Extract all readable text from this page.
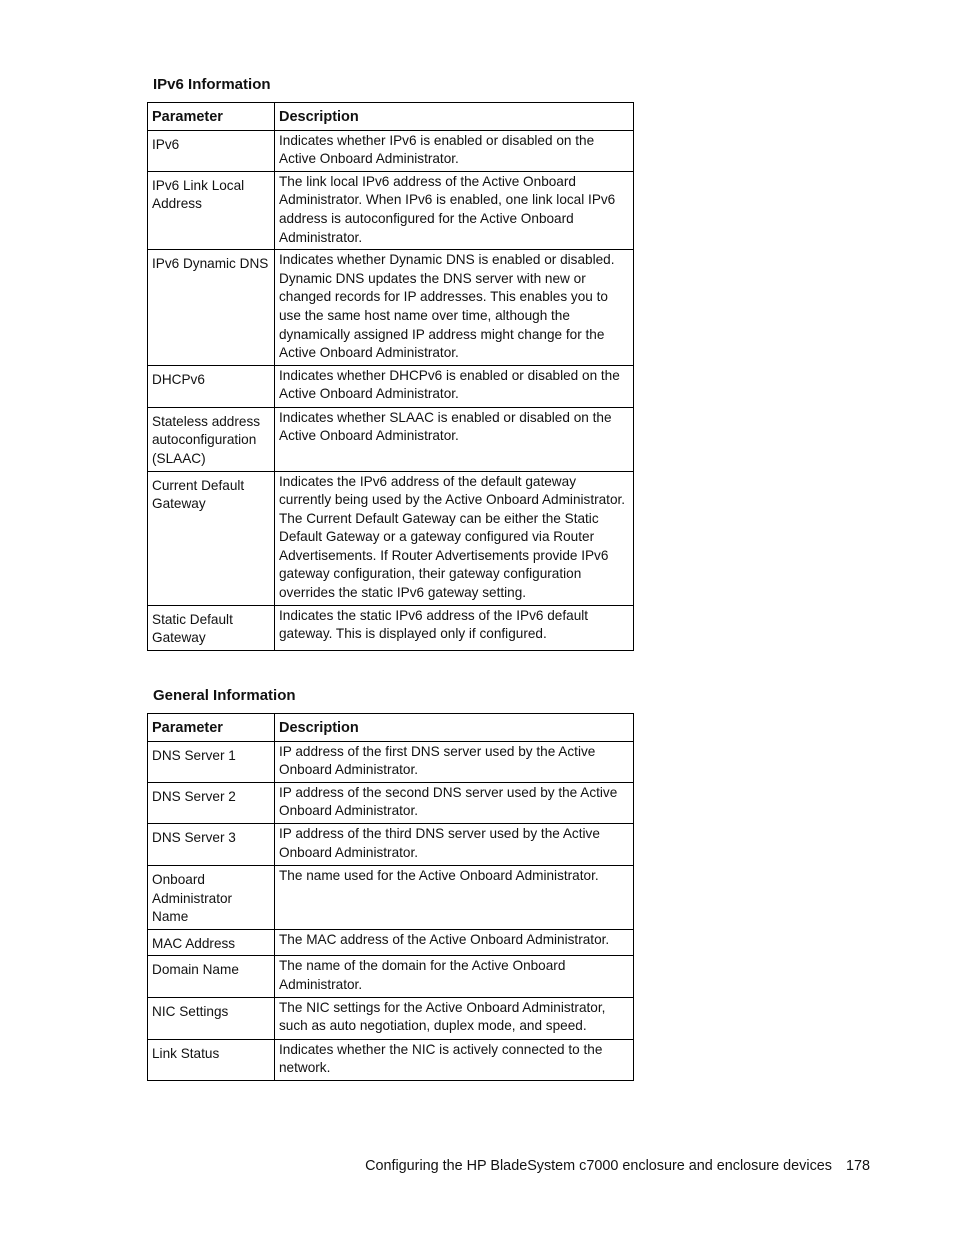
IPv6 Information
Parameter	Description
IPv6	Indicates whether IPv6 is enabled or disabled on the Active Onboard Administrator.
IPv6 Link Local Address	The link local IPv6 address of the Active Onboard Administrator. When IPv6 is enabled, one link local IPv6 address is autoconfigured for the Active Onboard Administrator.
IPv6 Dynamic DNS	Indicates whether Dynamic DNS is enabled or disabled. Dynamic DNS updates the DNS server with new or changed records for IP addresses. This enables you to use the same host name over time, although the dynamically assigned IP address might change for the Active Onboard Administrator.
DHCPv6	Indicates whether DHCPv6 is enabled or disabled on the Active Onboard Administrator.
Stateless address autoconfiguration (SLAAC)	Indicates whether SLAAC is enabled or disabled on the Active Onboard Administrator.
Current Default Gateway	Indicates the IPv6 address of the default gateway currently being used by the Active Onboard Administrator. The Current Default Gateway can be either the Static Default Gateway or a gateway configured via Router Advertisements. If Router Advertisements provide IPv6 gateway configuration, their gateway configuration overrides the static IPv6 gateway setting.
Static Default Gateway	Indicates the static IPv6 address of the IPv6 default gateway. This is displayed only if configured.
General Information
Parameter	Description
DNS Server 1	IP address of the first DNS server used by the Active Onboard Administrator.
DNS Server 2	IP address of the second DNS server used by the Active Onboard Administrator.
DNS Server 3	IP address of the third DNS server used by the Active Onboard Administrator.
Onboard Administrator Name	The name used for the Active Onboard Administrator.
MAC Address	The MAC address of the Active Onboard Administrator.
Domain Name	The name of the domain for the Active Onboard Administrator.
NIC Settings	The NIC settings for the Active Onboard Administrator, such as auto negotiation, duplex mode, and speed.
Link Status	Indicates whether the NIC is actively connected to the network.
Configuring the HP BladeSystem c7000 enclosure and enclosure devices 178
